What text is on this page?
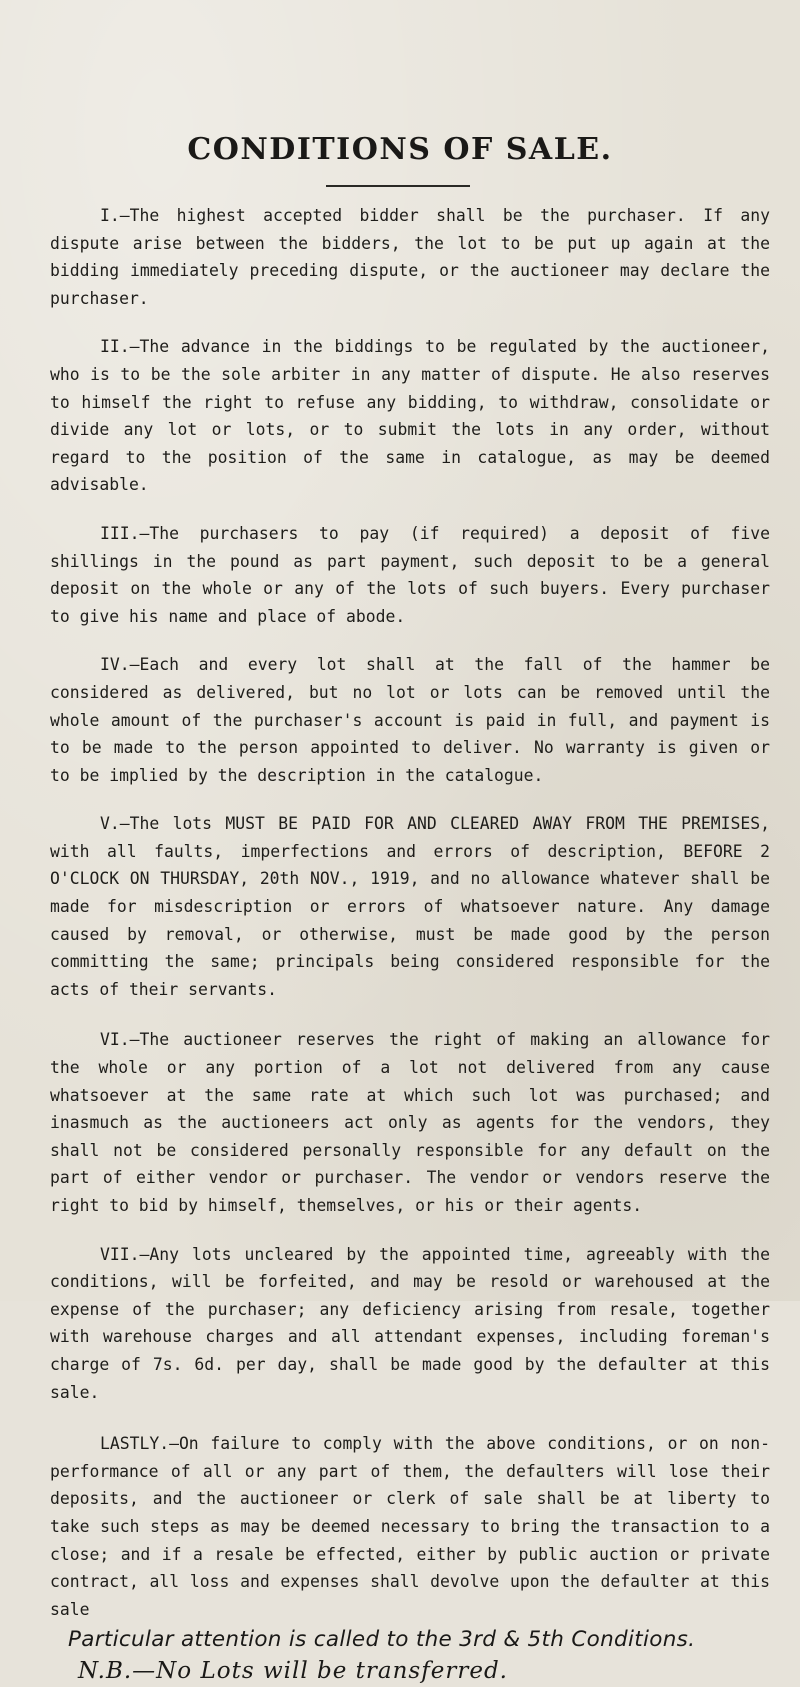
CONDITIONS OF SALE.

I.—The highest accepted bidder shall be the purchaser. If any dispute arise between the bidders, the lot to be put up again at the bidding immediately preceding dispute, or the auctioneer may declare the purchaser.

II.—The advance in the biddings to be regulated by the auctioneer, who is to be the sole arbiter in any matter of dispute. He also reserves to himself the right to refuse any bidding, to withdraw, consolidate or divide any lot or lots, or to submit the lots in any order, without regard to the position of the same in catalogue, as may be deemed advisable.

III.—The purchasers to pay (if required) a deposit of five shillings in the pound as part payment, such deposit to be a general deposit on the whole or any of the lots of such buyers. Every purchaser to give his name and place of abode.

IV.—Each and every lot shall at the fall of the hammer be considered as delivered, but no lot or lots can be removed until the whole amount of the purchaser's account is paid in full, and payment is to be made to the person appointed to deliver. No warranty is given or to be implied by the description in the catalogue.

V.—The lots MUST BE PAID FOR AND CLEARED AWAY FROM THE PREMISES, with all faults, imperfections and errors of description, BEFORE 2 O'CLOCK ON THURSDAY, 20th NOV., 1919, and no allowance whatever shall be made for misdescription or errors of whatsoever nature. Any damage caused by removal, or otherwise, must be made good by the person committing the same; principals being considered responsible for the acts of their servants.

VI.—The auctioneer reserves the right of making an allowance for the whole or any portion of a lot not delivered from any cause whatsoever at the same rate at which such lot was purchased; and inasmuch as the auctioneers act only as agents for the vendors, they shall not be considered personally responsible for any default on the part of either vendor or purchaser. The vendor or vendors reserve the right to bid by himself, themselves, or his or their agents.

VII.—Any lots uncleared by the appointed time, agreeably with the conditions, will be forfeited, and may be resold or warehoused at the expense of the purchaser; any deficiency arising from resale, together with warehouse charges and all attendant expenses, including foreman's charge of 7s. 6d. per day, shall be made good by the defaulter at this sale.

LASTLY.—On failure to comply with the above conditions, or on non-performance of all or any part of them, the defaulters will lose their deposits, and the auctioneer or clerk of sale shall be at liberty to take such steps as may be deemed necessary to bring the transaction to a close; and if a resale be effected, either by public auction or private contract, all loss and expenses shall devolve upon the defaulter at this sale

Particular attention is called to the 3rd & 5th Conditions.

N.B.—No Lots will be transferred.
